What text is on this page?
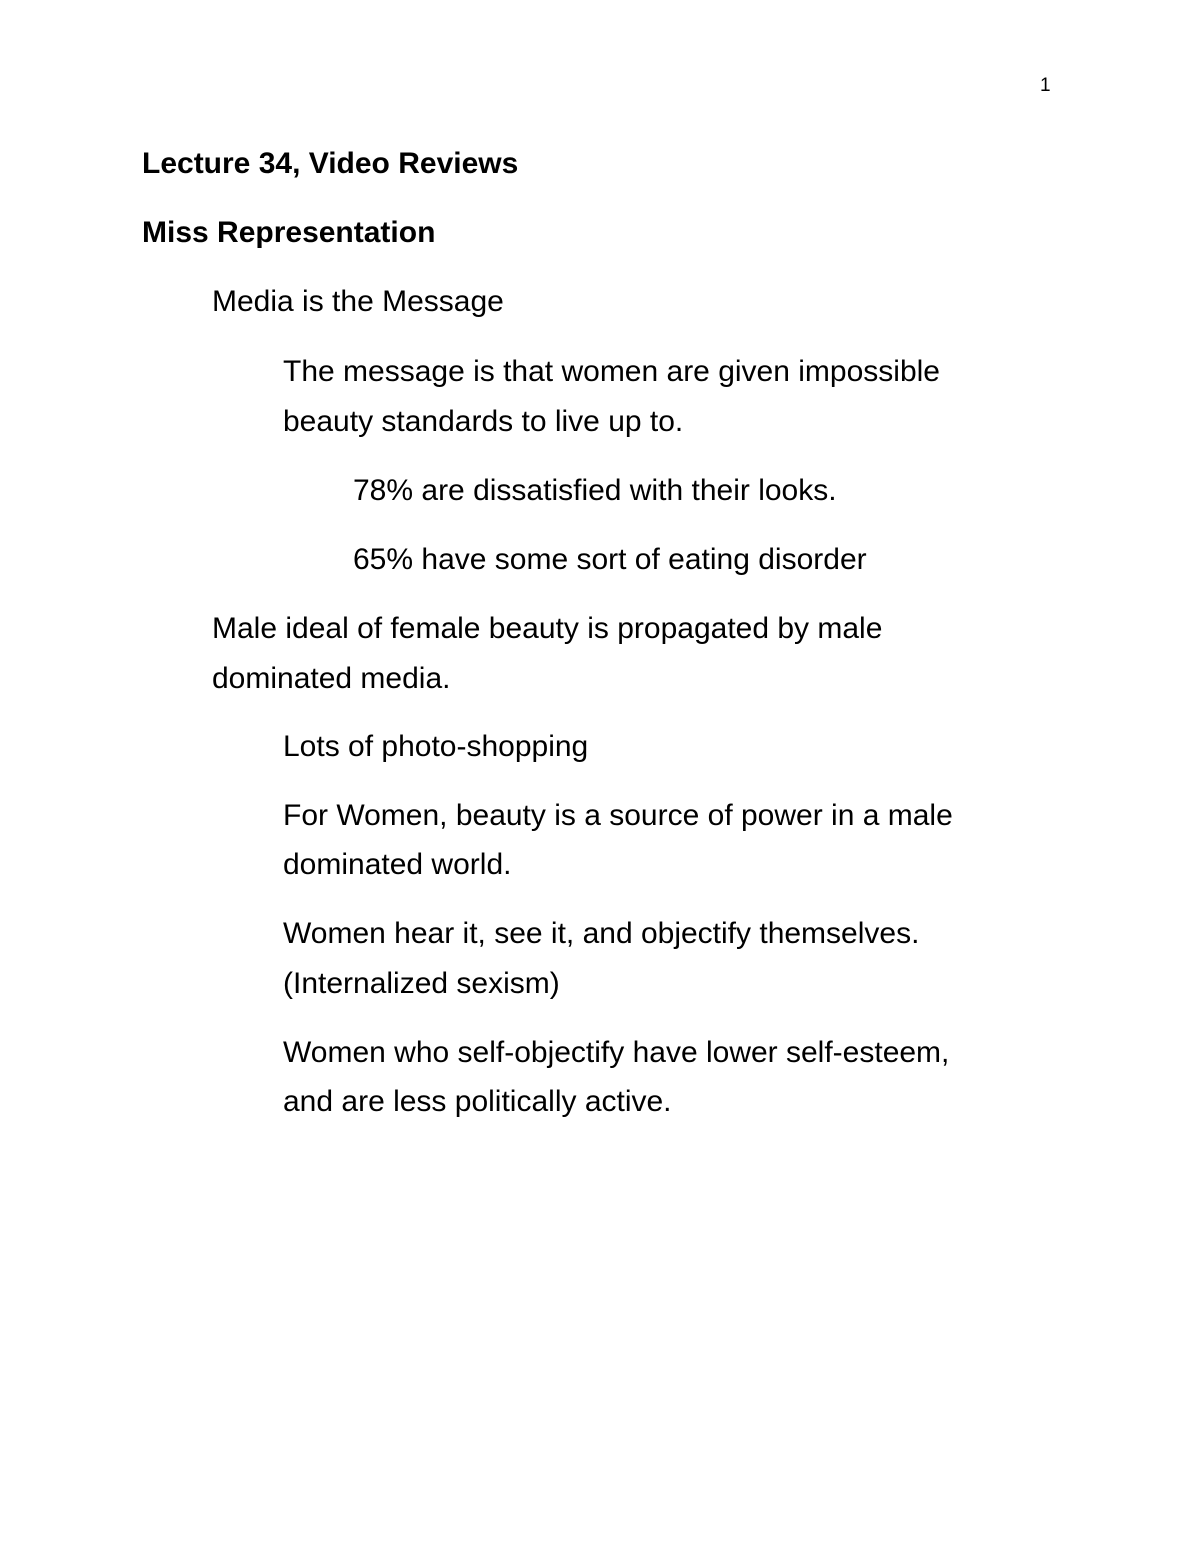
1
Lecture 34, Video Reviews
Miss Representation
Media is the Message
The message is that women are given impossible
beauty standards to live up to.
78% are dissatisfied with their looks.
65% have some sort of eating disorder
Male ideal of female beauty is propagated by male
dominated media.
Lots of photo-shopping
For Women, beauty is a source of power in a male
dominated world.
Women hear it, see it, and objectify themselves.
(Internalized sexism)
Women who self-objectify have lower self-esteem,
and are less politically active.
